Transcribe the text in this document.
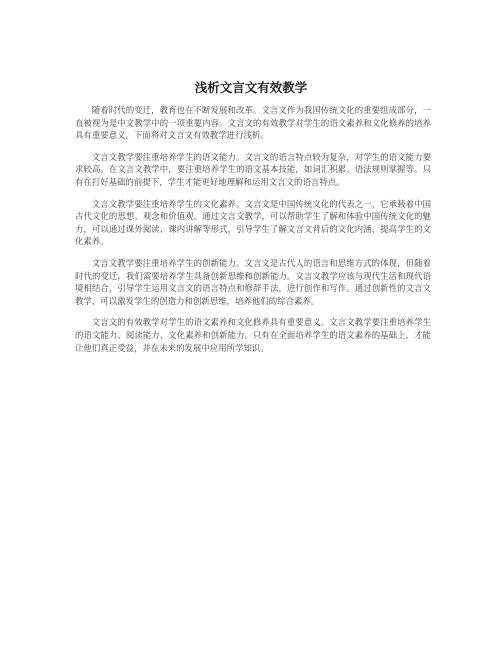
浅析文言文有效教学

随着时代的变迁，教育也在不断发展和改革。文言文作为我国传统文化的重要组成部分，一直被视为是中文教学中的一项重要内容。文言文的有效教学对学生的语文素养和文化修养的培养具有重要意义。下面将对文言文有效教学进行浅析。

文言文教学要注重培养学生的语文能力。文言文的语言特点较为复杂，对学生的语文能力要求较高。在文言文教学中，要注重培养学生的语文基本技能，如词汇积累、语法规则掌握等。只有在打好基础的前提下，学生才能更好地理解和运用文言文的语言特点。

文言文教学要注重培养学生的文化素养。文言文是中国传统文化的代表之一，它承载着中国古代文化的思想、观念和价值观。通过文言文教学，可以帮助学生了解和体验中国传统文化的魅力，可以通过课外阅读、课内讲解等形式，引导学生了解文言文背后的文化内涵，提高学生的文化素养。

文言文教学要注重培养学生的创新能力。文言文是古代人的语言和思维方式的体现，但随着时代的变迁，我们需要培养学生具备创新思维和创新能力。文言文教学应该与现代生活和现代语境相结合，引导学生运用文言文的语言特点和修辞手法，进行创作和写作。通过创新性的文言文教学，可以激发学生的创造力和创新思维，培养他们的综合素养。

文言文的有效教学对学生的语文素养和文化修养具有重要意义。文言文教学要注重培养学生的语文能力、阅读能力、文化素养和创新能力。只有在全面培养学生的语文素养的基础上，才能让他们真正受益，并在未来的发展中应用所学知识。
